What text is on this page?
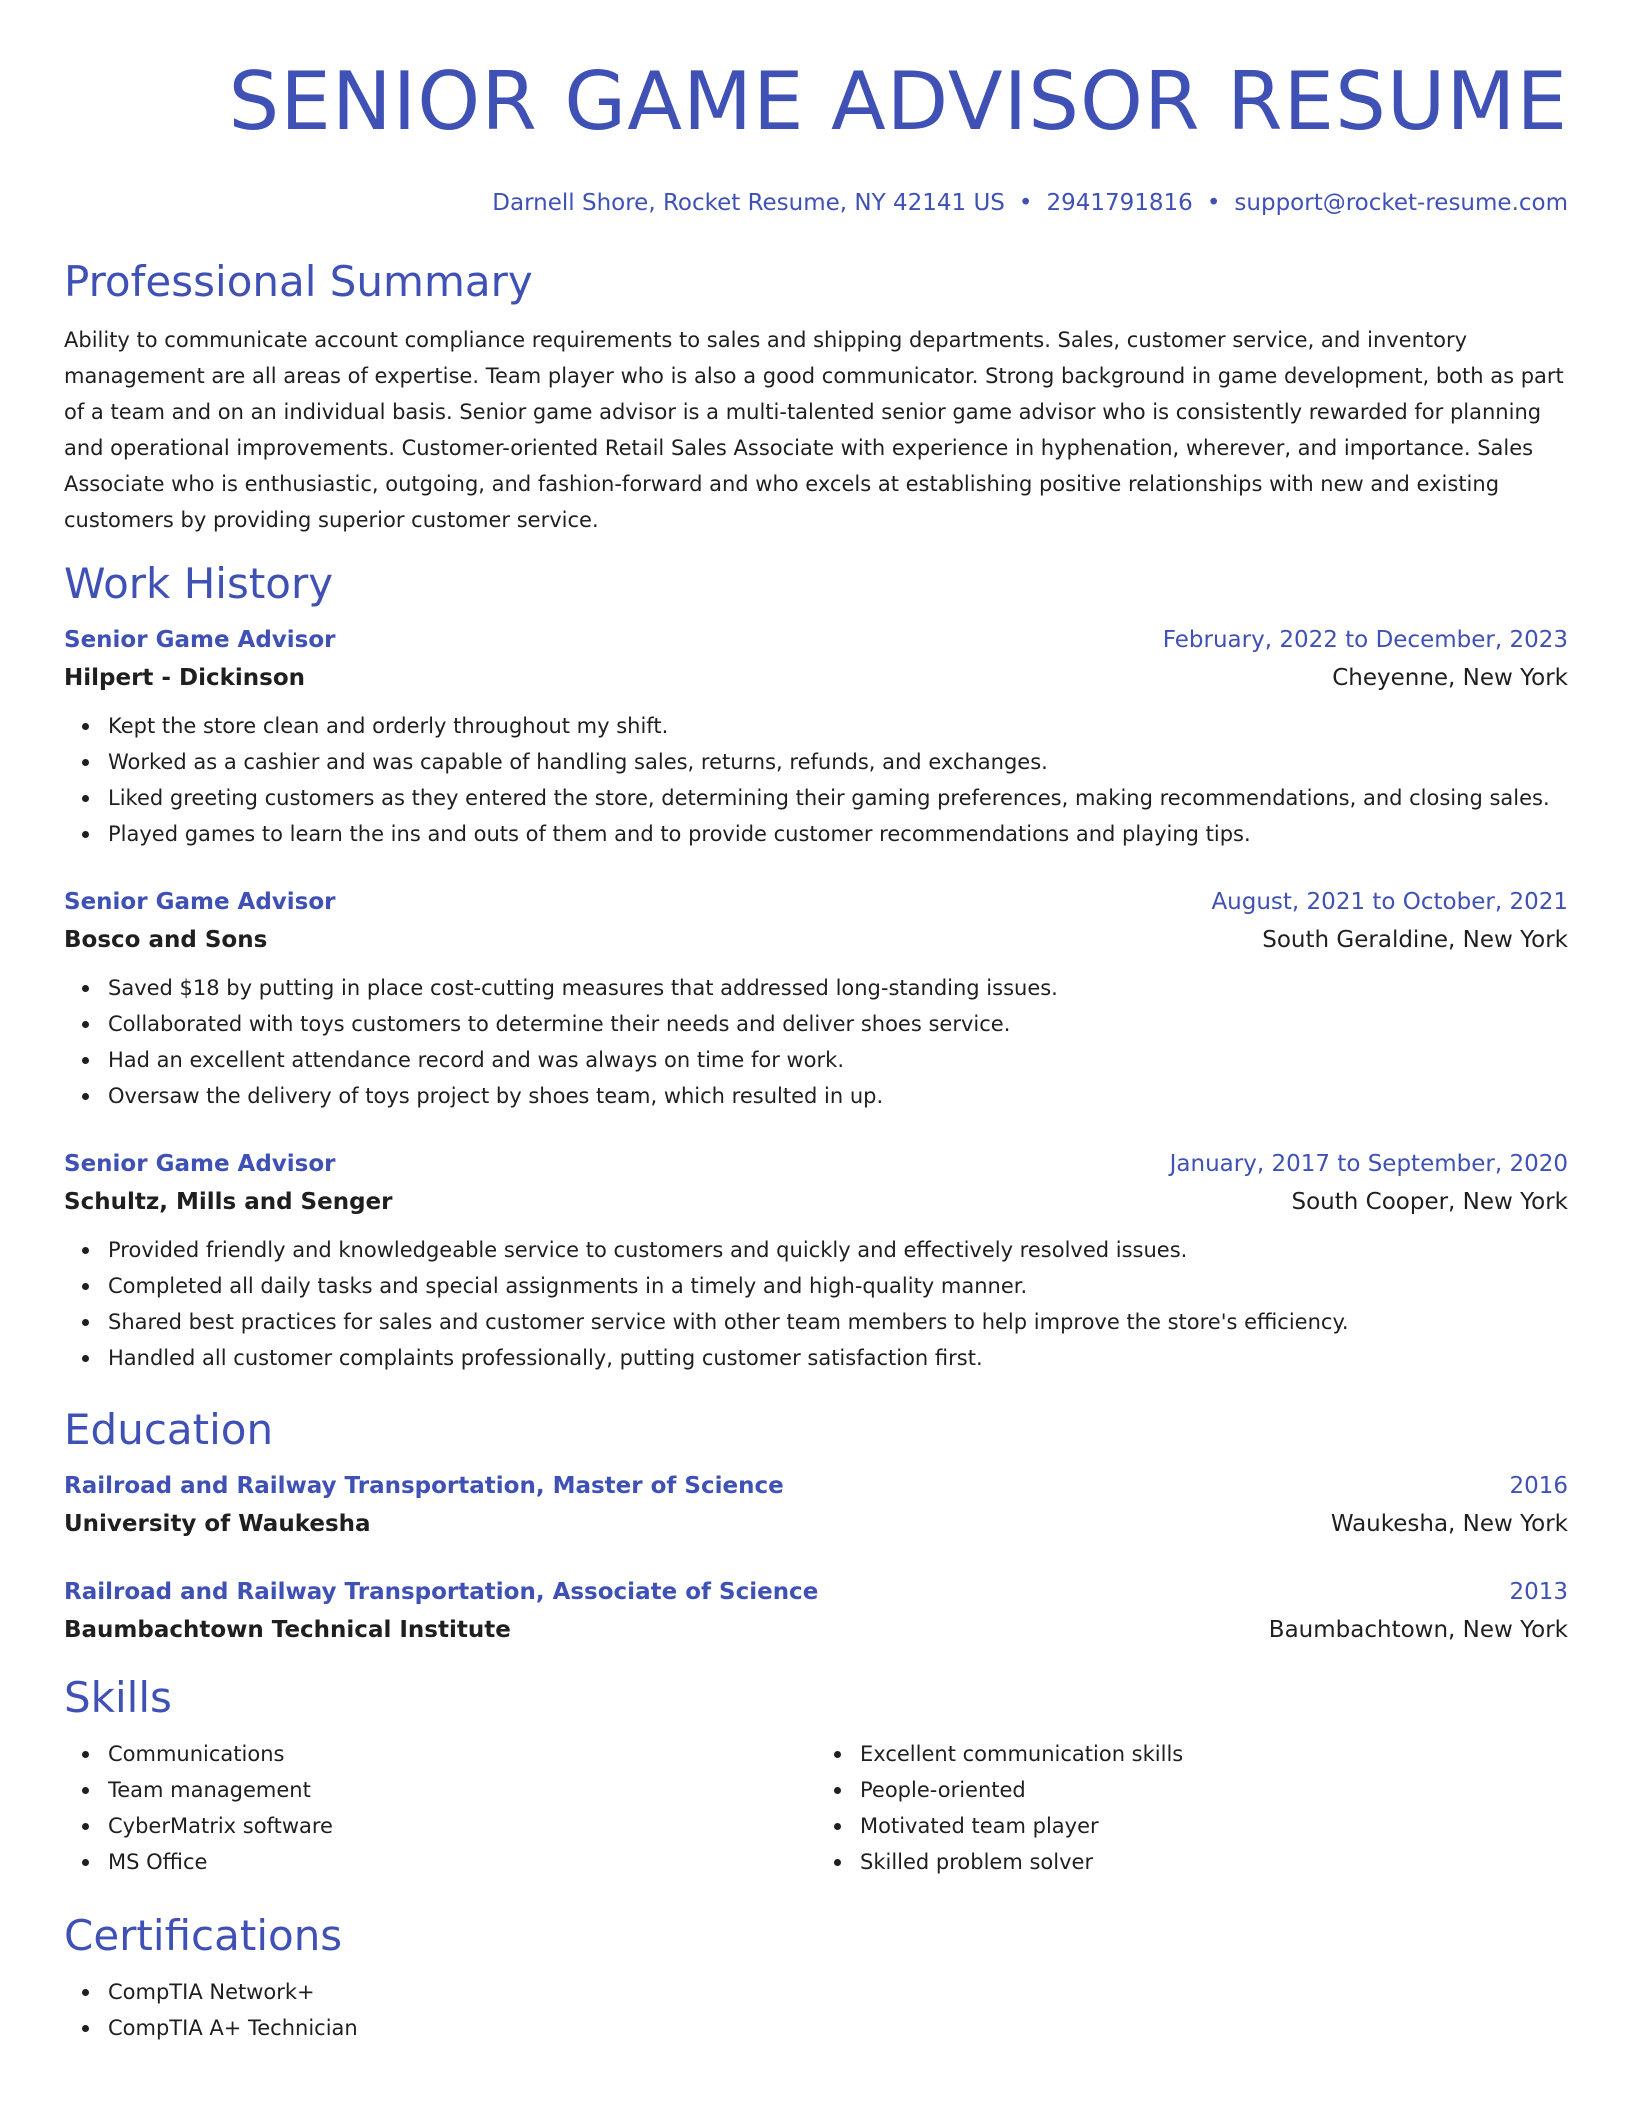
SENIOR GAME ADVISOR RESUME
Darnell Shore, Rocket Resume, NY 42141 US • 2941791816 • support@rocket-resume.com
Professional Summary

Ability to communicate account compliance requirements to sales and shipping departments. Sales, customer service, and inventory management are all areas of expertise. Team player who is also a good communicator. Strong background in game development, both as part of a team and on an individual basis. Senior game advisor is a multi-talented senior game advisor who is consistently rewarded for planning and operational improvements. Customer-oriented Retail Sales Associate with experience in hyphenation, wherever, and importance. Sales Associate who is enthusiastic, outgoing, and fashion-forward and who excels at establishing positive relationships with new and existing customers by providing superior customer service.

Work History
Senior Game Advisor	February, 2022 to December, 2023
Hilpert - Dickinson	Cheyenne, New York
Kept the store clean and orderly throughout my shift.
Worked as a cashier and was capable of handling sales, returns, refunds, and exchanges.
Liked greeting customers as they entered the store, determining their gaming preferences, making recommendations, and closing sales.
Played games to learn the ins and outs of them and to provide customer recommendations and playing tips.
Senior Game Advisor	August, 2021 to October, 2021
Bosco and Sons	South Geraldine, New York
Saved $18 by putting in place cost-cutting measures that addressed long-standing issues.
Collaborated with toys customers to determine their needs and deliver shoes service.
Had an excellent attendance record and was always on time for work.
Oversaw the delivery of toys project by shoes team, which resulted in up.
Senior Game Advisor	January, 2017 to September, 2020
Schultz, Mills and Senger	South Cooper, New York
Provided friendly and knowledgeable service to customers and quickly and effectively resolved issues.
Completed all daily tasks and special assignments in a timely and high-quality manner.
Shared best practices for sales and customer service with other team members to help improve the store's efficiency.
Handled all customer complaints professionally, putting customer satisfaction first.
Education
Railroad and Railway Transportation, Master of Science	2016
University of Waukesha	Waukesha, New York
Railroad and Railway Transportation, Associate of Science	2013
Baumbachtown Technical Institute	Baumbachtown, New York
Skills
Communications
Team management
CyberMatrix software
MS Office
Excellent communication skills
People-oriented
Motivated team player
Skilled problem solver
Certifications
CompTIA Network+
CompTIA A+ Technician
